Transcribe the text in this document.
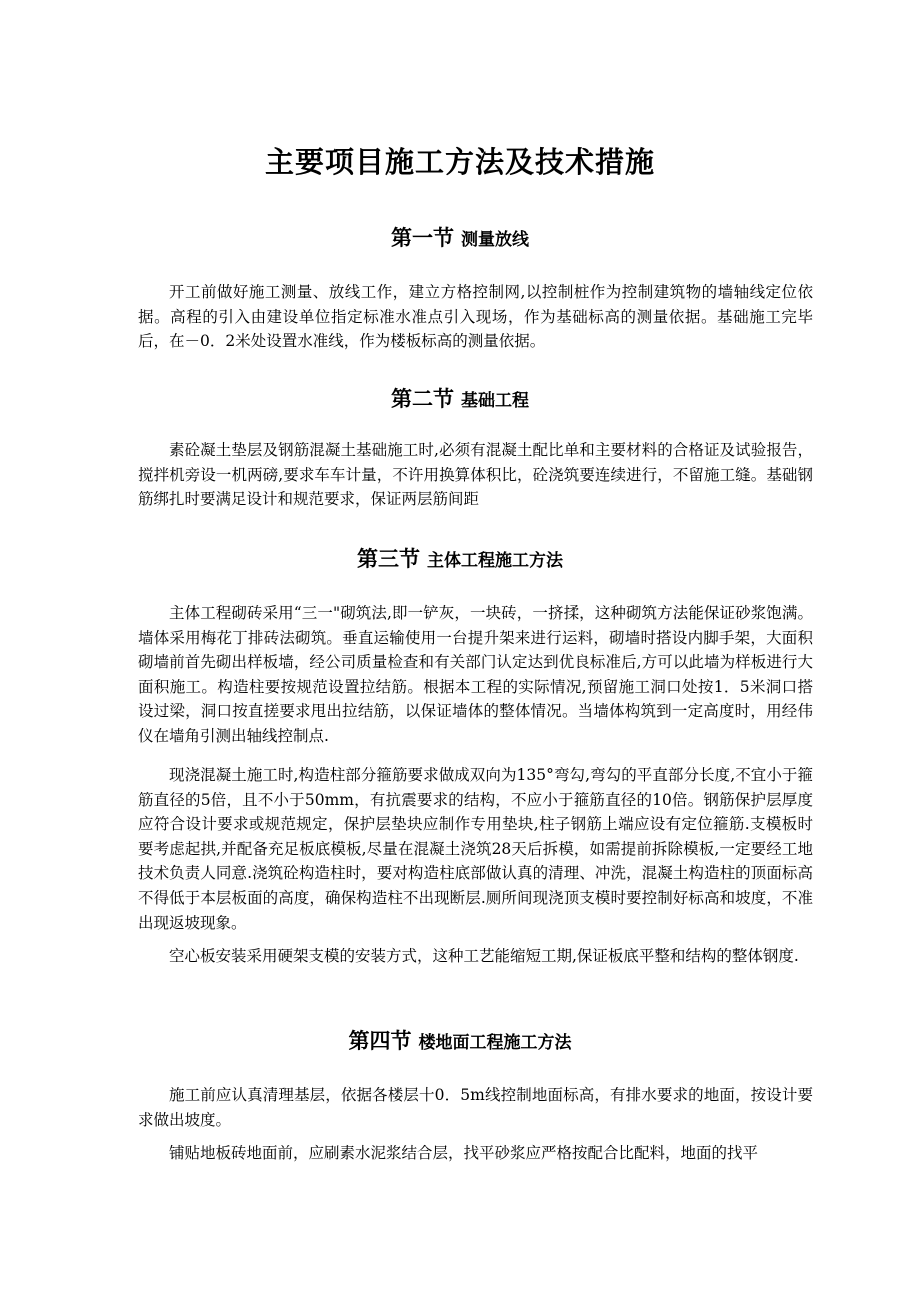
主要项目施工方法及技术措施
第一节 测量放线

开工前做好施工测量、放线工作，建立方格控制网,以控制桩作为控制建筑物的墙轴线定位依据。高程的引入由建设单位指定标准水准点引入现场，作为基础标高的测量依据。基础施工完毕后，在－0．2米处设置水准线，作为楼板标高的测量依据。

第二节 基础工程

素砼凝土垫层及钢筋混凝土基础施工时,必须有混凝土配比单和主要材料的合格证及试验报告，搅拌机旁设一机两磅,要求车车计量，不许用换算体积比，砼浇筑要连续进行，不留施工缝。基础钢筋绑扎时要满足设计和规范要求，保证两层筋间距

第三节 主体工程施工方法

主体工程砌砖采用“三一"砌筑法,即一铲灰，一块砖，一挤揉，这种砌筑方法能保证砂浆饱满。墙体采用梅花丁排砖法砌筑。垂直运输使用一台提升架来进行运料，砌墙时搭设内脚手架，大面积砌墙前首先砌出样板墙，经公司质量检查和有关部门认定达到优良标准后,方可以此墙为样板进行大面积施工。构造柱要按规范设置拉结筋。根据本工程的实际情况,预留施工洞口处按1．5米洞口搭设过梁，洞口按直搓要求甩出拉结筋，以保证墙体的整体情况。当墙体构筑到一定高度时，用经伟仪在墙角引测出轴线控制点.

现浇混凝土施工时,构造柱部分箍筋要求做成双向为135°弯勾,弯勾的平直部分长度,不宜小于箍筋直径的5倍，且不小于50mm，有抗震要求的结构，不应小于箍筋直径的10倍。钢筋保护层厚度应符合设计要求或规范规定，保护层垫块应制作专用垫块,柱子钢筋上端应设有定位箍筋.支模板时要考虑起拱,并配备充足板底模板,尽量在混凝土浇筑28天后拆模，如需提前拆除模板,一定要经工地技术负责人同意.浇筑砼构造柱时，要对构造柱底部做认真的清理、冲洗，混凝土构造柱的顶面标高不得低于本层板面的高度，确保构造柱不出现断层.厕所间现浇顶支模时要控制好标高和坡度，不准出现返坡现象。

空心板安装采用硬架支模的安装方式，这种工艺能缩短工期,保证板底平整和结构的整体钢度.

第四节 楼地面工程施工方法

施工前应认真清理基层，依据各楼层十0．5m线控制地面标高，有排水要求的地面，按设计要求做出坡度。

铺贴地板砖地面前，应刷素水泥浆结合层，找平砂浆应严格按配合比配料，地面的找平
